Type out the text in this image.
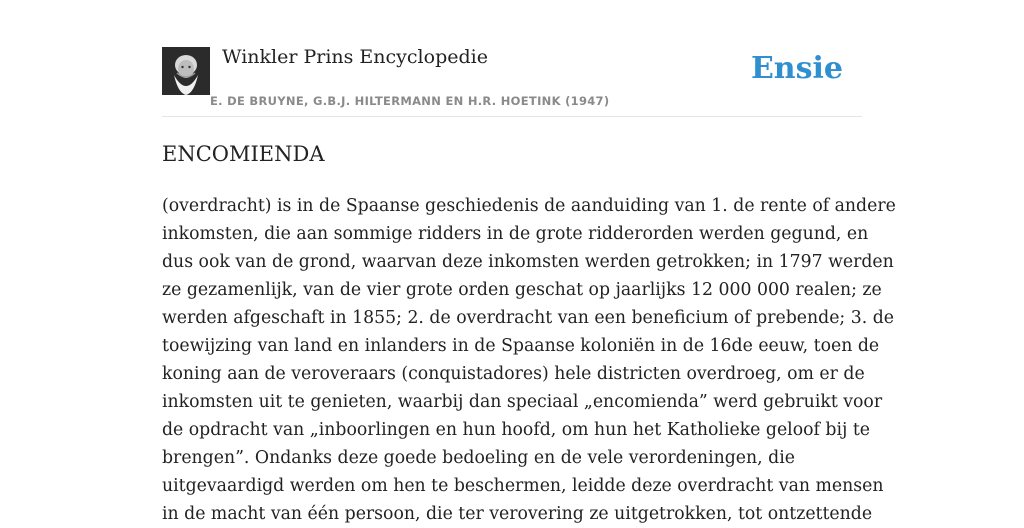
Winkler Prins Encyclopedie
E. DE BRUYNE, G.B.J. HILTERMANN EN H.R. HOETINK (1947)
Ensie
ENCOMIENDA
(overdracht) is in de Spaanse geschiedenis de aanduiding van 1. de rente of andere
inkomsten, die aan sommige ridders in de grote ridderorden werden gegund, en
dus ook van de grond, waarvan deze inkomsten werden getrokken; in 1797 werden
ze gezamenlijk, van de vier grote orden geschat op jaarlijks 12 000 000 realen; ze
werden afgeschaft in 1855; 2. de overdracht van een beneficium of prebende; 3. de
toewijzing van land en inlanders in de Spaanse koloniën in de 16de eeuw, toen de
koning aan de veroveraars (conquistadores) hele districten overdroeg, om er de
inkomsten uit te genieten, waarbij dan speciaal „encomienda” werd gebruikt voor
de opdracht van „inboorlingen en hun hoofd, om hun het Katholieke geloof bij te
brengen”. Ondanks deze goede bedoeling en de vele verordeningen, die
uitgevaardigd werden om hen te beschermen, leidde deze overdracht van mensen
in de macht van één persoon, die ter verovering ze uitgetrokken, tot ontzettende
